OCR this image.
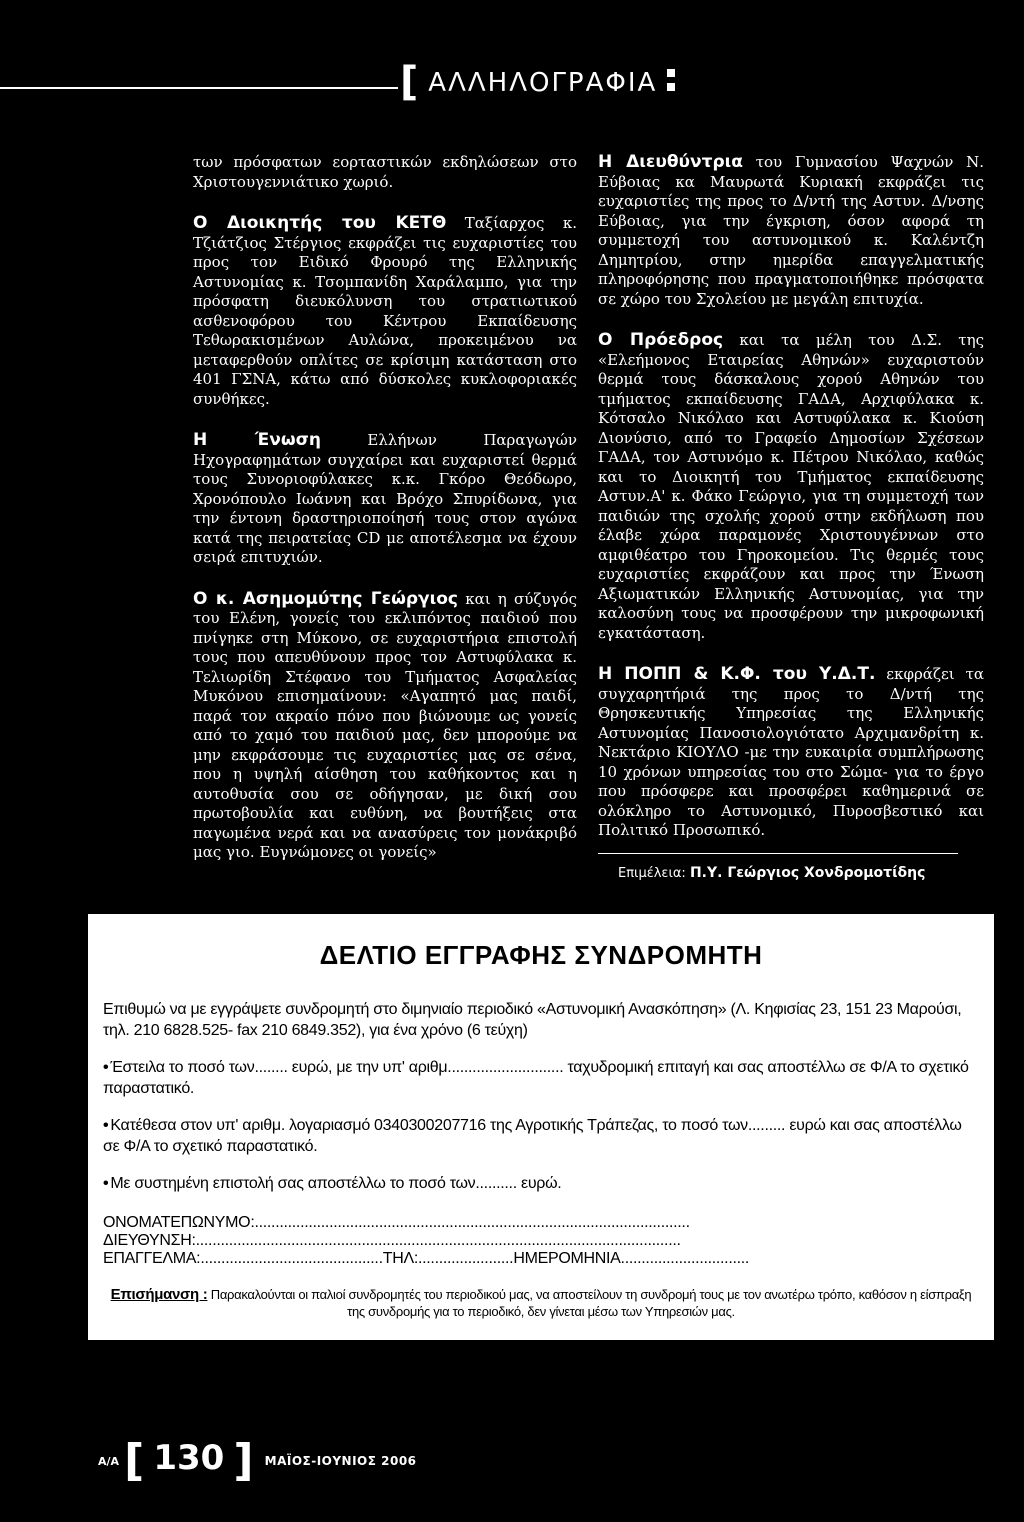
[ ΑΛΛΗΛΟΓΡΑΦΙΑ

των πρόσφατων εορταστικών εκδηλώσεων στο Χριστουγεννιάτικο χωριό.

Ο Διοικητής του ΚΕΤΘ Ταξίαρχος κ. Τζιάτζιος Στέργιος εκφράζει τις ευχαριστίες του προς τον Ειδικό Φρουρό της Ελληνικής Αστυνομίας κ. Τσομπανίδη Χαράλαμπο, για την πρόσφατη διευκόλυνση του στρατιωτικού ασθενοφόρου του Κέντρου Εκπαίδευσης Τεθωρακισμένων Αυλώνα, προκειμένου να μεταφερθούν οπλίτες σε κρίσιμη κατάσταση στο 401 ΓΣΝΑ, κάτω από δύσκολες κυκλοφοριακές συνθήκες.

Η Ένωση Ελλήνων Παραγωγών Ηχογραφημάτων συγχαίρει και ευχαριστεί θερμά τους Συνοριοφύλακες κ.κ. Γκόρο Θεόδωρο, Χρονόπουλο Ιωάννη και Βρόχο Σπυρίδωνα, για την έντονη δραστηριοποίησή τους στον αγώνα κατά της πειρατείας CD με αποτέλεσμα να έχουν σειρά επιτυχιών.

Ο κ. Ασημομύτης Γεώργιος και η σύζυγός του Ελένη, γονείς του εκλιπόντος παιδιού που πνίγηκε στη Μύκονο, σε ευχαριστήρια επιστολή τους που απευθύνουν προς τον Αστυφύλακα κ. Τελιωρίδη Στέφανο του Τμήματος Ασφαλείας Μυκόνου επισημαίνουν: «Αγαπητό μας παιδί, παρά τον ακραίο πόνο που βιώνουμε ως γονείς από το χαμό του παιδιού μας, δεν μπορούμε να μην εκφράσουμε τις ευχαριστίες μας σε σένα, που η υψηλή αίσθηση του καθήκοντος και η αυτοθυσία σου σε οδήγησαν, με δική σου πρωτοβουλία και ευθύνη, να βουτήξεις στα παγωμένα νερά και να ανασύρεις τον μονάκριβό μας γιο. Ευγνώμονες οι γονείς»

Η Διευθύντρια του Γυμνασίου Ψαχνών Ν. Εύβοιας κα Μαυρωτά Κυριακή εκφράζει τις ευχαριστίες της προς το Δ/ντή της Αστυν. Δ/νσης Εύβοιας, για την έγκριση, όσον αφορά τη συμμετοχή του αστυνομικού κ. Καλέντζη Δημητρίου, στην ημερίδα επαγγελματικής πληροφόρησης που πραγματοποιήθηκε πρόσφατα σε χώρο του Σχολείου με μεγάλη επιτυχία.

Ο Πρόεδρος και τα μέλη του Δ.Σ. της «Ελεήμονος Εταιρείας Αθηνών» ευχαριστούν θερμά τους δάσκαλους χορού Αθηνών του τμήματος εκπαίδευσης ΓΑΔΑ, Αρχιφύλακα κ. Κότσαλο Νικόλαο και Αστυφύλακα κ. Κιούση Διονύσιο, από το Γραφείο Δημοσίων Σχέσεων ΓΑΔΑ, τον Αστυνόμο κ. Πέτρου Νικόλαο, καθώς και το Διοικητή του Τμήματος εκπαίδευσης Αστυν.Α' κ. Φάκο Γεώργιο, για τη συμμετοχή των παιδιών της σχολής χορού στην εκδήλωση που έλαβε χώρα παραμονές Χριστουγέννων στο αμφιθέατρο του Γηροκομείου. Τις θερμές τους ευχαριστίες εκφράζουν και προς την Ένωση Αξιωματικών Ελληνικής Αστυνομίας, για την καλοσύνη τους να προσφέρουν την μικροφωνική εγκατάσταση.

Η ΠΟΠΠ & Κ.Φ. του Υ.Δ.Τ. εκφράζει τα συγχαρητήριά της προς το Δ/ντή της Θρησκευτικής Υπηρεσίας της Ελληνικής Αστυνομίας Πανοσιολογιότατο Αρχιμανδρίτη κ. Νεκτάριο ΚΙΟΥΛΟ -με την ευκαιρία συμπλήρωσης 10 χρόνων υπηρεσίας του στο Σώμα- για το έργο που πρόσφερε και προσφέρει καθημερινά σε ολόκληρο το Αστυνομικό, Πυροσβεστικό και Πολιτικό Προσωπικό.

Επιμέλεια: Π.Υ. Γεώργιος Χονδρομοτίδης
ΔΕΛΤΙΟ ΕΓΓΡΑΦΗΣ ΣΥΝΔΡΟΜΗΤΗ
Επιθυμώ να με εγγράψετε συνδρομητή στο διμηνιαίο περιοδικό «Αστυνομική Ανασκόπηση» (Λ. Κηφισίας 23, 151 23 Μαρούσι, τηλ. 210 6828.525- fax 210 6849.352), για ένα χρόνο (6 τεύχη)
• Έστειλα το ποσό των........ ευρώ, με την υπ' αριθμ............................ ταχυδρομική επιταγή και σας αποστέλλω σε Φ/Α το σχετικό παραστατικό.
• Κατέθεσα στον υπ' αριθμ. λογαριασμό 0340300207716 της Αγροτικής Τράπεζας, το ποσό των......... ευρώ και σας αποστέλλω σε Φ/Α το σχετικό παραστατικό.
• Με συστημένη επιστολή σας αποστέλλω το ποσό των.......... ευρώ.
ΟΝΟΜΑΤΕΠΩΝΥΜΟ:.........................................................................................................
ΔΙΕΥΘΥΝΣΗ:.....................................................................................................................
ΕΠΑΓΓΕΛΜΑ:............................................ΤΗΛ:.......................ΗΜΕΡΟΜΗΝΙΑ...............................
Επισήμανση : Παρακαλούνται οι παλιοί συνδρομητές του περιοδικού μας, να αποστείλουν τη συνδρομή τους με τον ανωτέρω τρόπο, καθόσον η είσπραξη της συνδρομής για το περιοδικό, δεν γίνεται μέσω των Υπηρεσιών μας.
$^{A/A}$ [ 130 ] $^{MAΪO\Sigma-IO\Upsilon NIO\Sigma 2006}$
